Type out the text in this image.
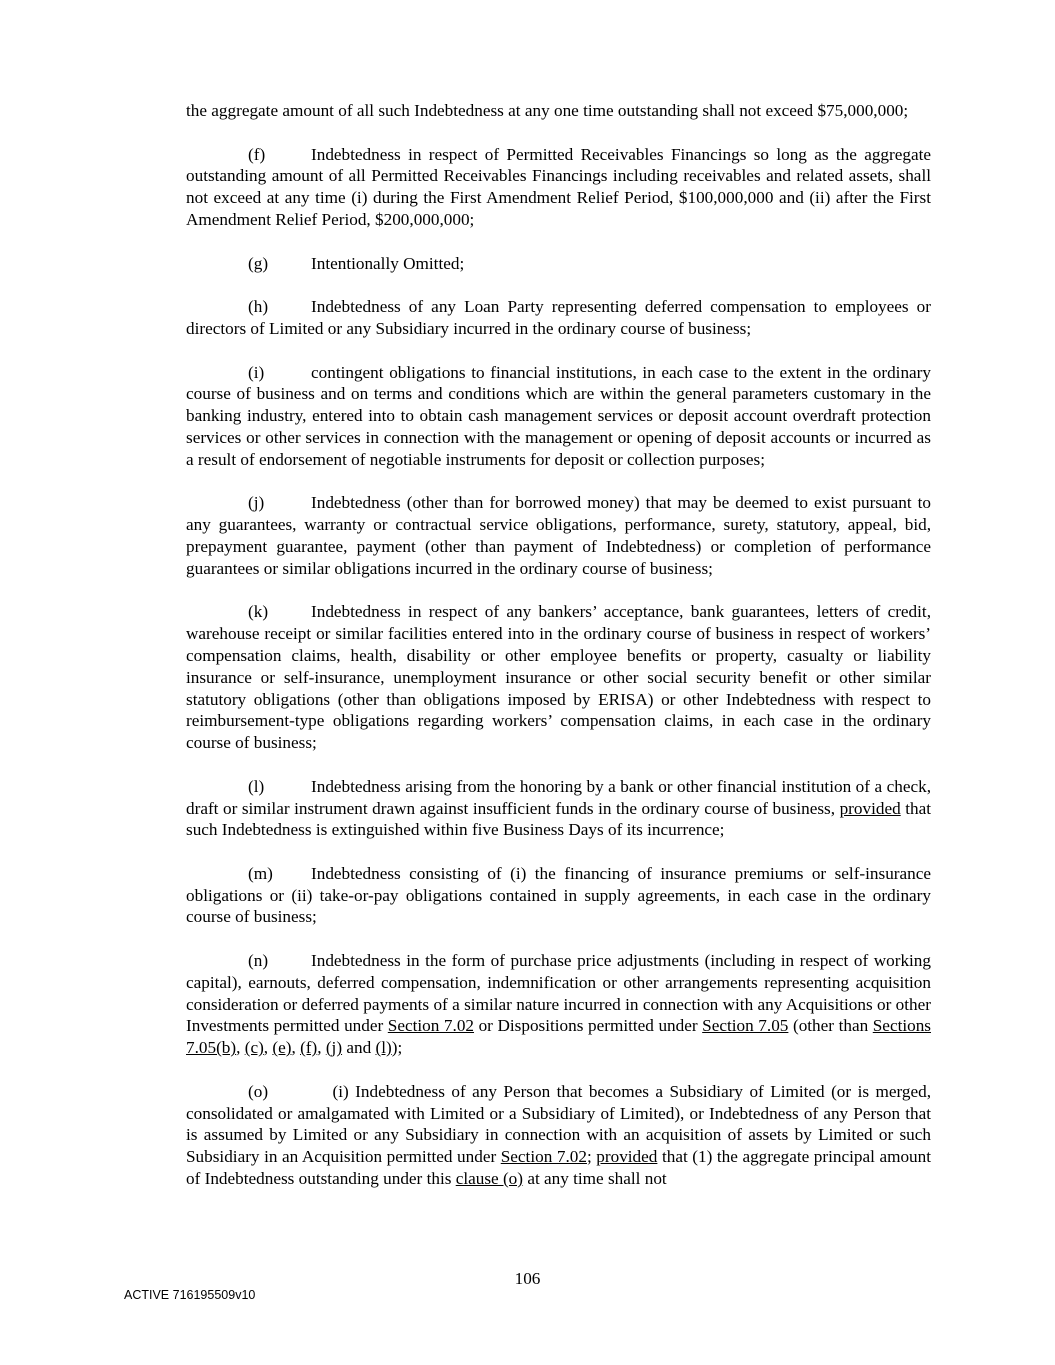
the aggregate amount of all such Indebtedness at any one time outstanding shall not exceed $75,000,000;

(f)	Indebtedness in respect of Permitted Receivables Financings so long as the aggregate outstanding amount of all Permitted Receivables Financings including receivables and related assets, shall not exceed at any time (i) during the First Amendment Relief Period, $100,000,000 and (ii) after the First Amendment Relief Period, $200,000,000;

(g) Intentionally Omitted;

(h) Indebtedness of any Loan Party representing deferred compensation to employees or directors of Limited or any Subsidiary incurred in the ordinary course of business;

(i)	contingent obligations to financial institutions, in each case to the extent in the ordinary course of business and on terms and conditions which are within the general parameters customary in the banking industry, entered into to obtain cash management services or deposit account overdraft protection services or other services in connection with the management or opening of deposit accounts or incurred as a result of endorsement of negotiable instruments for deposit or collection purposes;

(j)	Indebtedness (other than for borrowed money) that may be deemed to exist pursuant to any guarantees, warranty or contractual service obligations, performance, surety, statutory, appeal, bid, prepayment guarantee, payment (other than payment of Indebtedness) or completion of performance guarantees or similar obligations incurred in the ordinary course of business;

(k) Indebtedness in respect of any bankers’ acceptance, bank guarantees, letters of credit, warehouse receipt or similar facilities entered into in the ordinary course of business in respect of workers’ compensation claims, health, disability or other employee benefits or property, casualty or liability insurance or self-insurance, unemployment insurance or other social security benefit or other similar statutory obligations (other than obligations imposed by ERISA) or other Indebtedness with respect to reimbursement-type obligations regarding workers’ compensation claims, in each case in the ordinary course of business;

(l)	Indebtedness arising from the honoring by a bank or other financial institution of a check, draft or similar instrument drawn against insufficient funds in the ordinary course of business, provided that such Indebtedness is extinguished within five Business Days of its incurrence;

(m) Indebtedness consisting of (i) the financing of insurance premiums or self-insurance obligations or (ii) take-or-pay obligations contained in supply agreements, in each case in the ordinary course of business;

(n) Indebtedness in the form of purchase price adjustments (including in respect of working capital), earnouts, deferred compensation, indemnification or other arrangements representing acquisition consideration or deferred payments of a similar nature incurred in connection with any Acquisitions or other Investments permitted under Section 7.02 or Dispositions permitted under Section 7.05 (other than Sections 7.05(b), (c), (e), (f), (j) and (l));

(o)	(i) Indebtedness of any Person that becomes a Subsidiary of Limited (or is merged, consolidated or amalgamated with Limited or a Subsidiary of Limited), or Indebtedness of any Person that is assumed by Limited or any Subsidiary in connection with an acquisition of assets by Limited or such Subsidiary in an Acquisition permitted under Section 7.02; provided that (1) the aggregate principal amount of Indebtedness outstanding under this clause (o) at any time shall not

106
ACTIVE 716195509v10
